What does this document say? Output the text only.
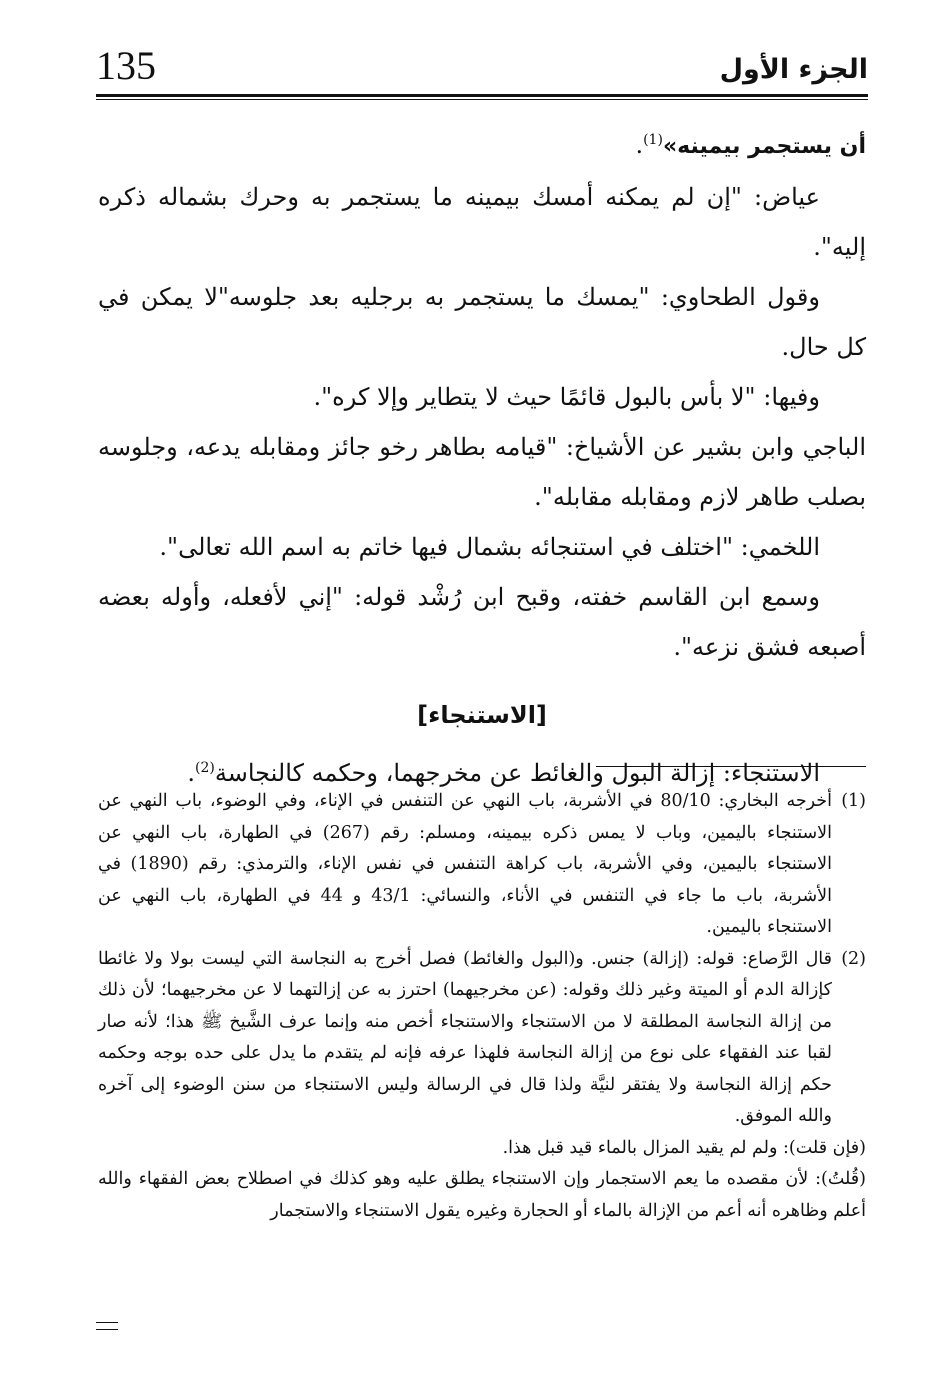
135	الجزء الأول

أن يستجمر بيمينه»$^{(1)}$.

عياض: "إن لم يمكنه أمسك بيمينه ما يستجمر به وحرك بشماله ذكره إليه".

وقول الطحاوي: "يمسك ما يستجمر به برجليه بعد جلوسه"لا يمكن في كل حال.

وفيها: "لا بأس بالبول قائمًا حيث لا يتطاير وإلا كره".

الباجي وابن بشير عن الأشياخ: "قيامه بطاهر رخو جائز ومقابله يدعه، وجلوسه بصلب طاهر لازم ومقابله مقابله".

اللخمي: "اختلف في استنجائه بشمال فيها خاتم به اسم الله تعالى".

وسمع ابن القاسم خفته، وقبح ابن رُشْد قوله: "إني لأفعله، وأوله بعضه أصبعه فشق نزعه".

[الاستنجاء]

الاستنجاء: إزالة البول والغائط عن مخرجهما، وحكمه كالنجاسة$^{(2)}$.

(1)أخرجه البخاري: 80/10 في الأشربة، باب النهي عن التنفس في الإناء، وفي الوضوء، باب النهي عن الاستنجاء باليمين، وباب لا يمس ذكره بيمينه، ومسلم: رقم (267) في الطهارة، باب النهي عن الاستنجاء باليمين، وفي الأشربة، باب كراهة التنفس في نفس الإناء، والترمذي: رقم (1890) في الأشربة، باب ما جاء في التنفس في الأناء، والنسائي: 43/1 و 44 في الطهارة، باب النهي عن الاستنجاء باليمين.

(2)قال الرَّصاع: قوله: (إزالة) جنس. و(البول والغائط) فصل أخرج به النجاسة التي ليست بولا ولا غائطا كإزالة الدم أو الميتة وغير ذلك وقوله: (عن مخرجيهما) احترز به عن إزالتهما لا عن مخرجيهما؛ لأن ذلك من إزالة النجاسة المطلقة لا من الاستنجاء والاستنجاء أخص منه وإنما عرف الشَّيخ ﷺ هذا؛ لأنه صار لقبا عند الفقهاء على نوع من إزالة النجاسة فلهذا عرفه فإنه لم يتقدم ما يدل على حده بوجه وحكمه حكم إزالة النجاسة ولا يفتقر لنيَّة ولذا قال في الرسالة وليس الاستنجاء من سنن الوضوء إلى آخره والله الموفق.

(فإن قلت): ولم لم يقيد المزال بالماء قيد قبل هذا.

(قُلتُ): لأن مقصده ما يعم الاستجمار وإن الاستنجاء يطلق عليه وهو كذلك في اصطلاح بعض الفقهاء والله أعلم وظاهره أنه أعم من الإزالة بالماء أو الحجارة وغيره يقول الاستنجاء والاستجمار
